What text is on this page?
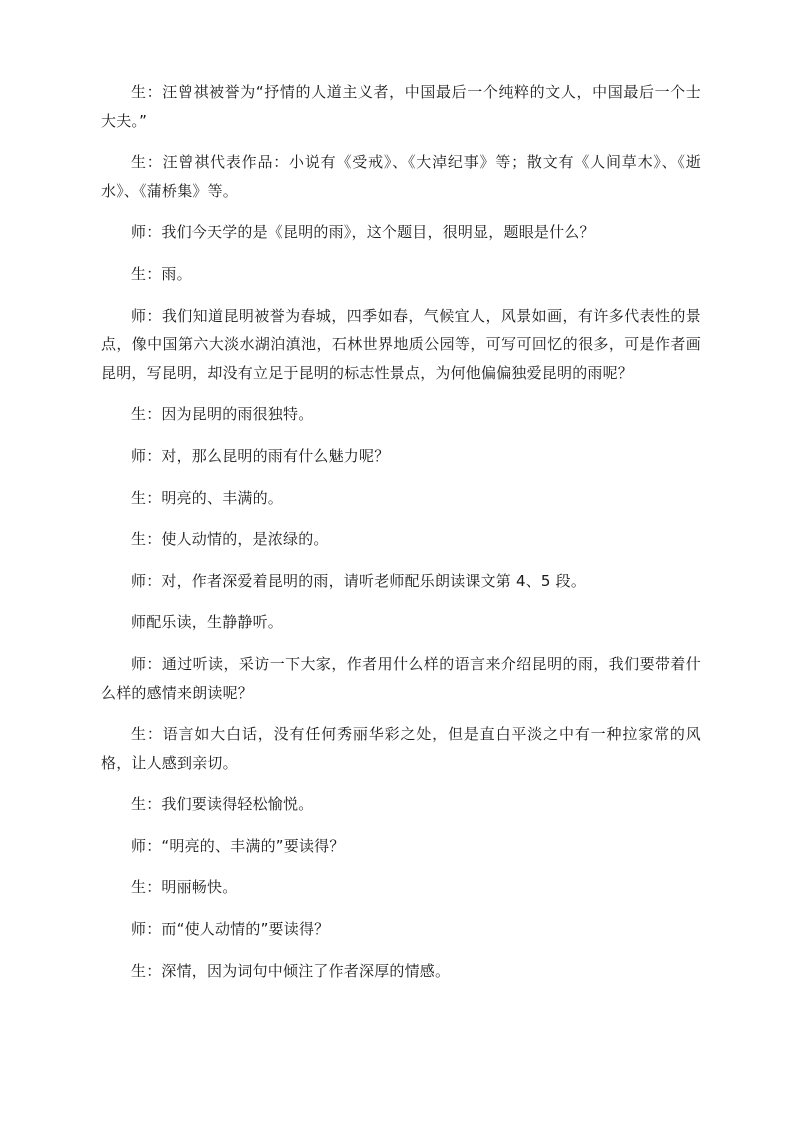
生：汪曾祺被誉为“抒情的人道主义者，中国最后一个纯粹的文人，中国最后一个士大夫。”

生：汪曾祺代表作品：小说有《受戒》、《大淖纪事》等；散文有《人间草木》、《逝水》、《蒲桥集》等。

师：我们今天学的是《昆明的雨》，这个题目，很明显，题眼是什么？

生：雨。

师：我们知道昆明被誉为春城，四季如春，气候宜人，风景如画，有许多代表性的景点，像中国第六大淡水湖泊滇池，石林世界地质公园等，可写可回忆的很多，可是作者画昆明，写昆明，却没有立足于昆明的标志性景点，为何他偏偏独爱昆明的雨呢？

生：因为昆明的雨很独特。

师：对，那么昆明的雨有什么魅力呢？

生：明亮的、丰满的。

生：使人动情的，是浓绿的。

师：对，作者深爱着昆明的雨，请听老师配乐朗读课文第 4、5 段。

师配乐读，生静静听。

师：通过听读，采访一下大家，作者用什么样的语言来介绍昆明的雨，我们要带着什么样的感情来朗读呢？

生：语言如大白话，没有任何秀丽华彩之处，但是直白平淡之中有一种拉家常的风格，让人感到亲切。

生：我们要读得轻松愉悦。

师：“明亮的、丰满的”要读得？

生：明丽畅快。

师：而“使人动情的”要读得？

生：深情，因为词句中倾注了作者深厚的情感。
